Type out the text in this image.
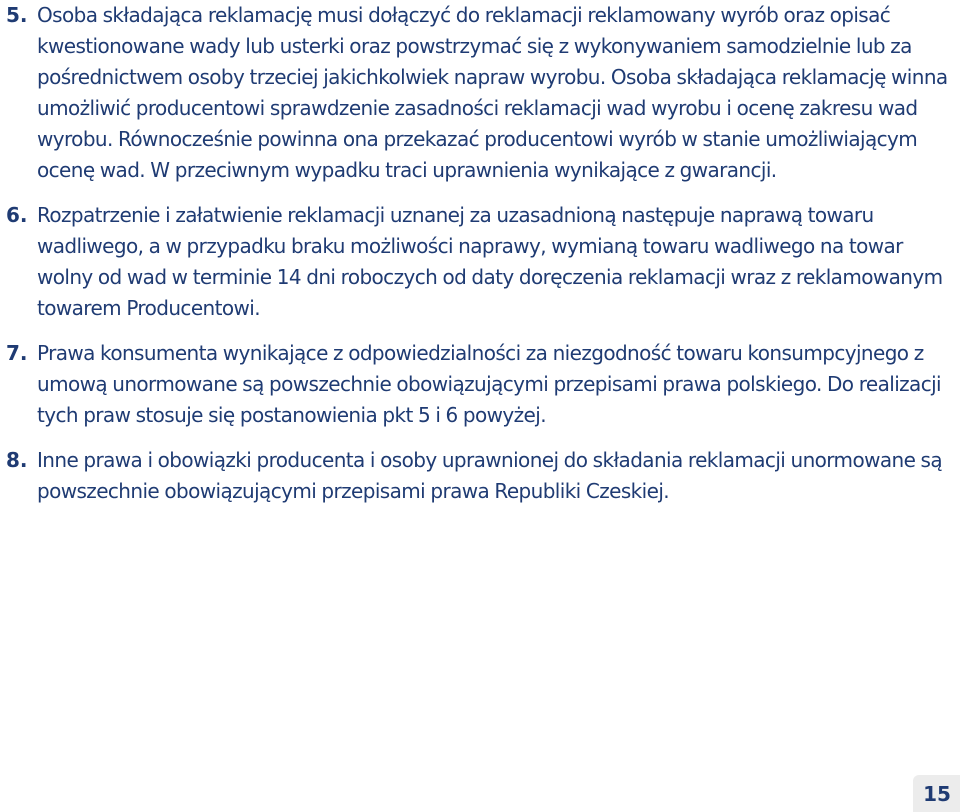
5. Osoba składająca reklamację musi dołączyć do reklamacji reklamowany wyrób oraz opisać kwestionowane wady lub usterki oraz powstrzymać się z wykonywaniem samodzielnie lub za pośrednictwem osoby trzeciej jakichkolwiek napraw wyrobu. Osoba składająca reklamację winna umożliwić producentowi sprawdzenie zasadności reklamacji wad wyrobu i ocenę zakresu wad wyrobu. Równocześnie powinna ona przekazać producentowi wyrób w stanie umożliwiającym ocenę wad. W przeciwnym wypadku traci uprawnienia wynikające z gwarancji.
6. Rozpatrzenie i załatwienie reklamacji uznanej za uzasadnioną następuje naprawą towaru wadliwego, a w przypadku braku możliwości naprawy, wymianą towaru wadliwego na towar wolny od wad w terminie 14 dni roboczych od daty doręczenia reklamacji wraz z reklamowanym towarem Producentowi.
7. Prawa konsumenta wynikające z odpowiedzialności za niezgodność towaru konsumpcyjnego z umową unormowane są powszechnie obowiązującymi przepisami prawa polskiego. Do realizacji tych praw stosuje się postanowienia pkt 5 i 6 powyżej.
8. Inne prawa i obowiązki producenta i osoby uprawnionej do składania reklamacji unormowane są powszechnie obowiązującymi przepisami prawa Republiki Czeskiej.
15
